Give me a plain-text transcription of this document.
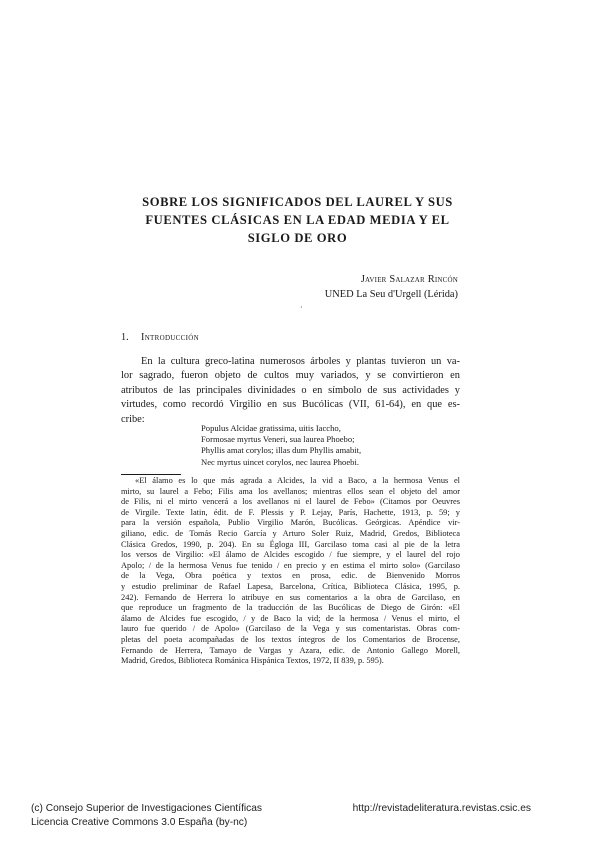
SOBRE LOS SIGNIFICADOS DEL LAUREL Y SUS
FUENTES CLÁSICAS EN LA EDAD MEDIA Y EL
SIGLO DE ORO
Javier Salazar Rincón
UNED La Seu d'Urgell (Lérida)
·
1. Introducción
En la cultura greco-latina numerosos árboles y plantas tuvieron un va-
lor sagrado, fueron objeto de cultos muy variados, y se convirtieron en
atributos de las principales divinidades o en símbolo de sus actividades y
virtudes, como recordó Virgilio en sus Bucólicas (VII, 61-64), en que es-
cribe:
Populus Alcidae gratissima, uitis Iaccho,
Formosae myrtus Veneri, sua laurea Phoebo;
Phyllis amat corylos; illas dum Phyllis amabit,
Nec myrtus uincet corylos, nec laurea Phoebi.
«El álamo es lo que más agrada a Alcides, la vid a Baco, a la hermosa Venus el
mirto, su laurel a Febo; Filis ama los avellanos; mientras ellos sean el objeto del amor
de Filis, ni el mirto vencerá a los avellanos ni el laurel de Febo» (Citamos por Oeuvres
de Virgile. Texte latin, édit. de F. Plessis y P. Lejay, París, Hachette, 1913, p. 59; y
para la versión española, Publio Virgilio Marón, Bucólicas. Geórgicas. Apéndice vir-
giliano, edic. de Tomás Recio García y Arturo Soler Ruiz, Madrid, Gredos, Biblioteca
Clásica Gredos, 1990, p. 204). En su Égloga III, Garcilaso toma casi al pie de la letra
los versos de Virgilio: «El álamo de Alcides escogido / fue siempre, y el laurel del rojo
Apolo; / de la hermosa Venus fue tenido / en precio y en estima el mirto solo» (Garcilaso
de la Vega, Obra poética y textos en prosa, edic. de Bienvenido Morros
y estudio preliminar de Rafael Lapesa, Barcelona, Crítica, Biblioteca Clásica, 1995, p.
242). Fernando de Herrera lo atribuye en sus comentarios a la obra de Garcilaso, en
que reproduce un fragmento de la traducción de las Bucólicas de Diego de Girón: «El
álamo de Alcides fue escogido, / y de Baco la vid; de la hermosa / Venus el mirto, el
lauro fue querido / de Apolo» (Garcilaso de la Vega y sus comentaristas. Obras com-
pletas del poeta acompañadas de los textos íntegros de los Comentarios de Brocense,
Fernando de Herrera, Tamayo de Vargas y Azara, edic. de Antonio Gallego Morell,
Madrid, Gredos, Biblioteca Románica Hispánica Textos, 1972, II 839, p. 595).
(c) Consejo Superior de Investigaciones Científicas
Licencia Creative Commons 3.0 España (by-nc)
http://revistadeliteratura.revistas.csic.es
